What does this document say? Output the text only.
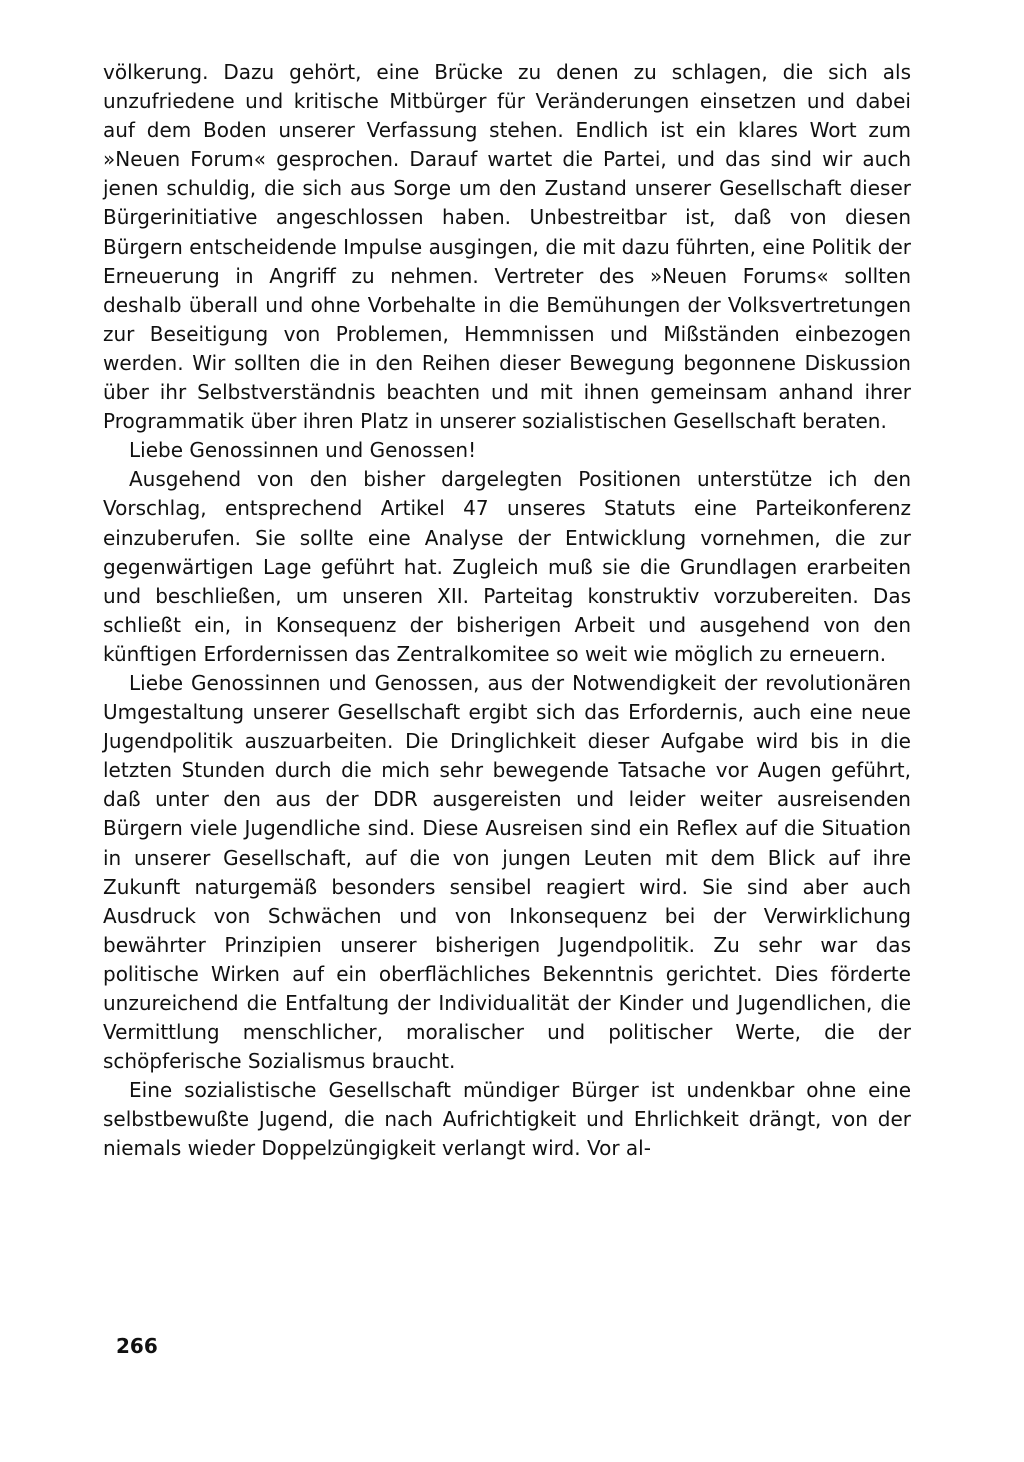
völkerung. Dazu gehört, eine Brücke zu denen zu schlagen, die sich als unzufriedene und kritische Mitbürger für Veränderungen einsetzen und dabei auf dem Boden unserer Verfassung stehen. Endlich ist ein klares Wort zum »Neuen Forum« gesprochen. Darauf wartet die Partei, und das sind wir auch jenen schuldig, die sich aus Sorge um den Zustand unserer Gesellschaft dieser Bürgerinitiative angeschlossen haben. Unbestreitbar ist, daß von diesen Bürgern entscheidende Impulse ausgingen, die mit dazu führten, eine Politik der Erneuerung in Angriff zu nehmen. Vertreter des »Neuen Forums« sollten deshalb überall und ohne Vorbehalte in die Bemühungen der Volksvertretungen zur Beseitigung von Problemen, Hemmnissen und Mißständen einbezogen werden. Wir sollten die in den Reihen dieser Bewegung begonnene Diskussion über ihr Selbstverständnis beachten und mit ihnen gemeinsam anhand ihrer Programmatik über ihren Platz in unserer sozialistischen Gesellschaft beraten.

Liebe Genossinnen und Genossen!

Ausgehend von den bisher dargelegten Positionen unterstütze ich den Vorschlag, entsprechend Artikel 47 unseres Statuts eine Parteikonferenz einzuberufen. Sie sollte eine Analyse der Entwicklung vornehmen, die zur gegenwärtigen Lage geführt hat. Zugleich muß sie die Grundlagen erarbeiten und beschließen, um unseren XII. Parteitag konstruktiv vorzubereiten. Das schließt ein, in Konsequenz der bisherigen Arbeit und ausgehend von den künftigen Erfordernissen das Zentralkomitee so weit wie möglich zu erneuern.

Liebe Genossinnen und Genossen, aus der Notwendigkeit der revolutionären Umgestaltung unserer Gesellschaft ergibt sich das Erfordernis, auch eine neue Jugendpolitik auszuarbeiten. Die Dringlichkeit dieser Aufgabe wird bis in die letzten Stunden durch die mich sehr bewegende Tatsache vor Augen geführt, daß unter den aus der DDR ausgereisten und leider weiter ausreisenden Bürgern viele Jugendliche sind. Diese Ausreisen sind ein Reflex auf die Situation in unserer Gesellschaft, auf die von jungen Leuten mit dem Blick auf ihre Zukunft naturgemäß besonders sensibel reagiert wird. Sie sind aber auch Ausdruck von Schwächen und von Inkonsequenz bei der Verwirklichung bewährter Prinzipien unserer bisherigen Jugendpolitik. Zu sehr war das politische Wirken auf ein oberflächliches Bekenntnis gerichtet. Dies förderte unzureichend die Entfaltung der Individualität der Kinder und Jugendlichen, die Vermittlung menschlicher, moralischer und politischer Werte, die der schöpferische Sozialismus braucht.

Eine sozialistische Gesellschaft mündiger Bürger ist undenkbar ohne eine selbstbewußte Jugend, die nach Aufrichtigkeit und Ehrlichkeit drängt, von der niemals wieder Doppelzüngigkeit verlangt wird. Vor al-

266
